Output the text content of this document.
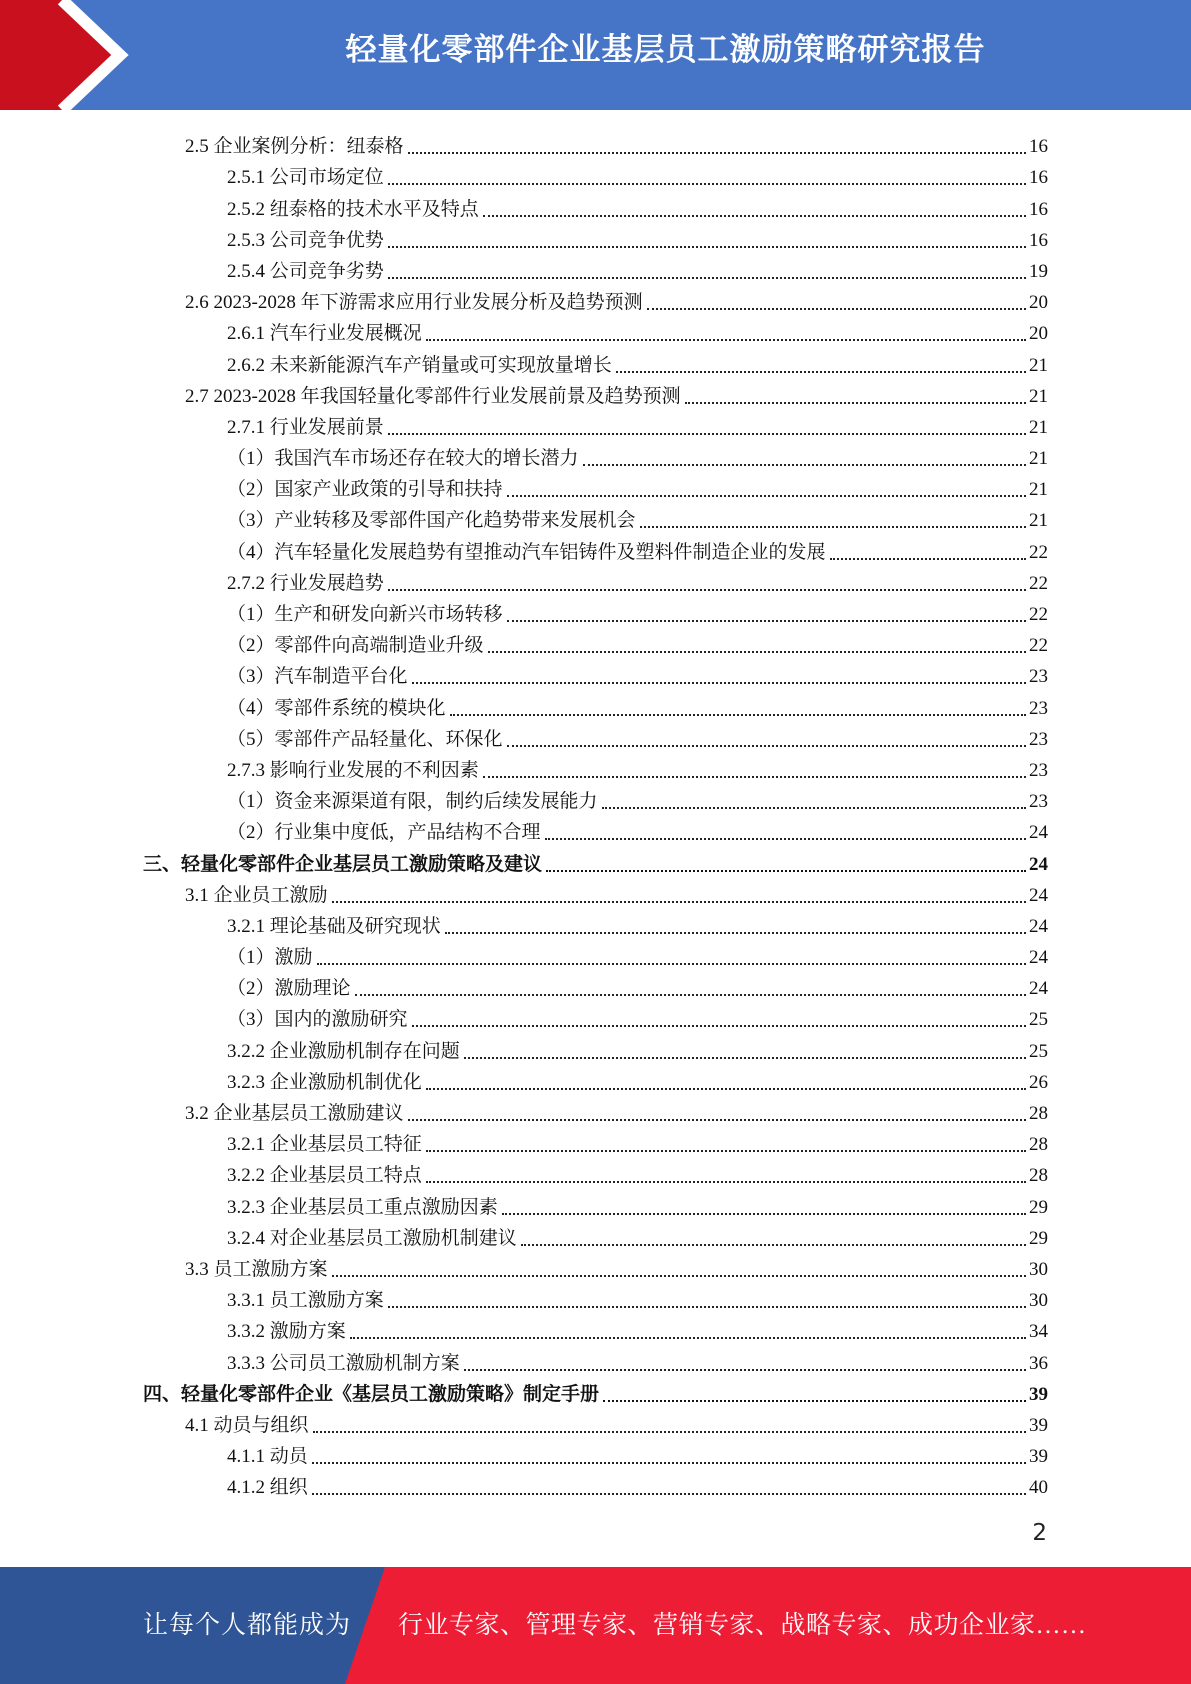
轻量化零部件企业基层员工激励策略研究报告
2.5 企业案例分析：纽泰格	16
2.5.1 公司市场定位	16
2.5.2 纽泰格的技术水平及特点	16
2.5.3 公司竞争优势	16
2.5.4 公司竞争劣势	19
2.6 2023-2028 年下游需求应用行业发展分析及趋势预测	20
2.6.1 汽车行业发展概况	20
2.6.2 未来新能源汽车产销量或可实现放量增长	21
2.7 2023-2028 年我国轻量化零部件行业发展前景及趋势预测	21
2.7.1 行业发展前景	21
（1）我国汽车市场还存在较大的增长潜力	21
（2）国家产业政策的引导和扶持	21
（3）产业转移及零部件国产化趋势带来发展机会	21
（4）汽车轻量化发展趋势有望推动汽车铝铸件及塑料件制造企业的发展	22
2.7.2 行业发展趋势	22
（1）生产和研发向新兴市场转移	22
（2）零部件向高端制造业升级	22
（3）汽车制造平台化	23
（4）零部件系统的模块化	23
（5）零部件产品轻量化、环保化	23
2.7.3 影响行业发展的不利因素	23
（1）资金来源渠道有限，制约后续发展能力	23
（2）行业集中度低，产品结构不合理	24
三、轻量化零部件企业基层员工激励策略及建议	24
3.1 企业员工激励	24
3.2.1 理论基础及研究现状	24
（1）激励	24
（2）激励理论	24
（3）国内的激励研究	25
3.2.2 企业激励机制存在问题	25
3.2.3 企业激励机制优化	26
3.2 企业基层员工激励建议	28
3.2.1 企业基层员工特征	28
3.2.2 企业基层员工特点	28
3.2.3 企业基层员工重点激励因素	29
3.2.4 对企业基层员工激励机制建议	29
3.3 员工激励方案	30
3.3.1 员工激励方案	30
3.3.2 激励方案	34
3.3.3 公司员工激励机制方案	36
四、轻量化零部件企业《基层员工激励策略》制定手册	39
4.1 动员与组织	39
4.1.1 动员	39
4.1.2 组织	40
2
让每个人都能成为 行业专家、管理专家、营销专家、战略专家、成功企业家……
